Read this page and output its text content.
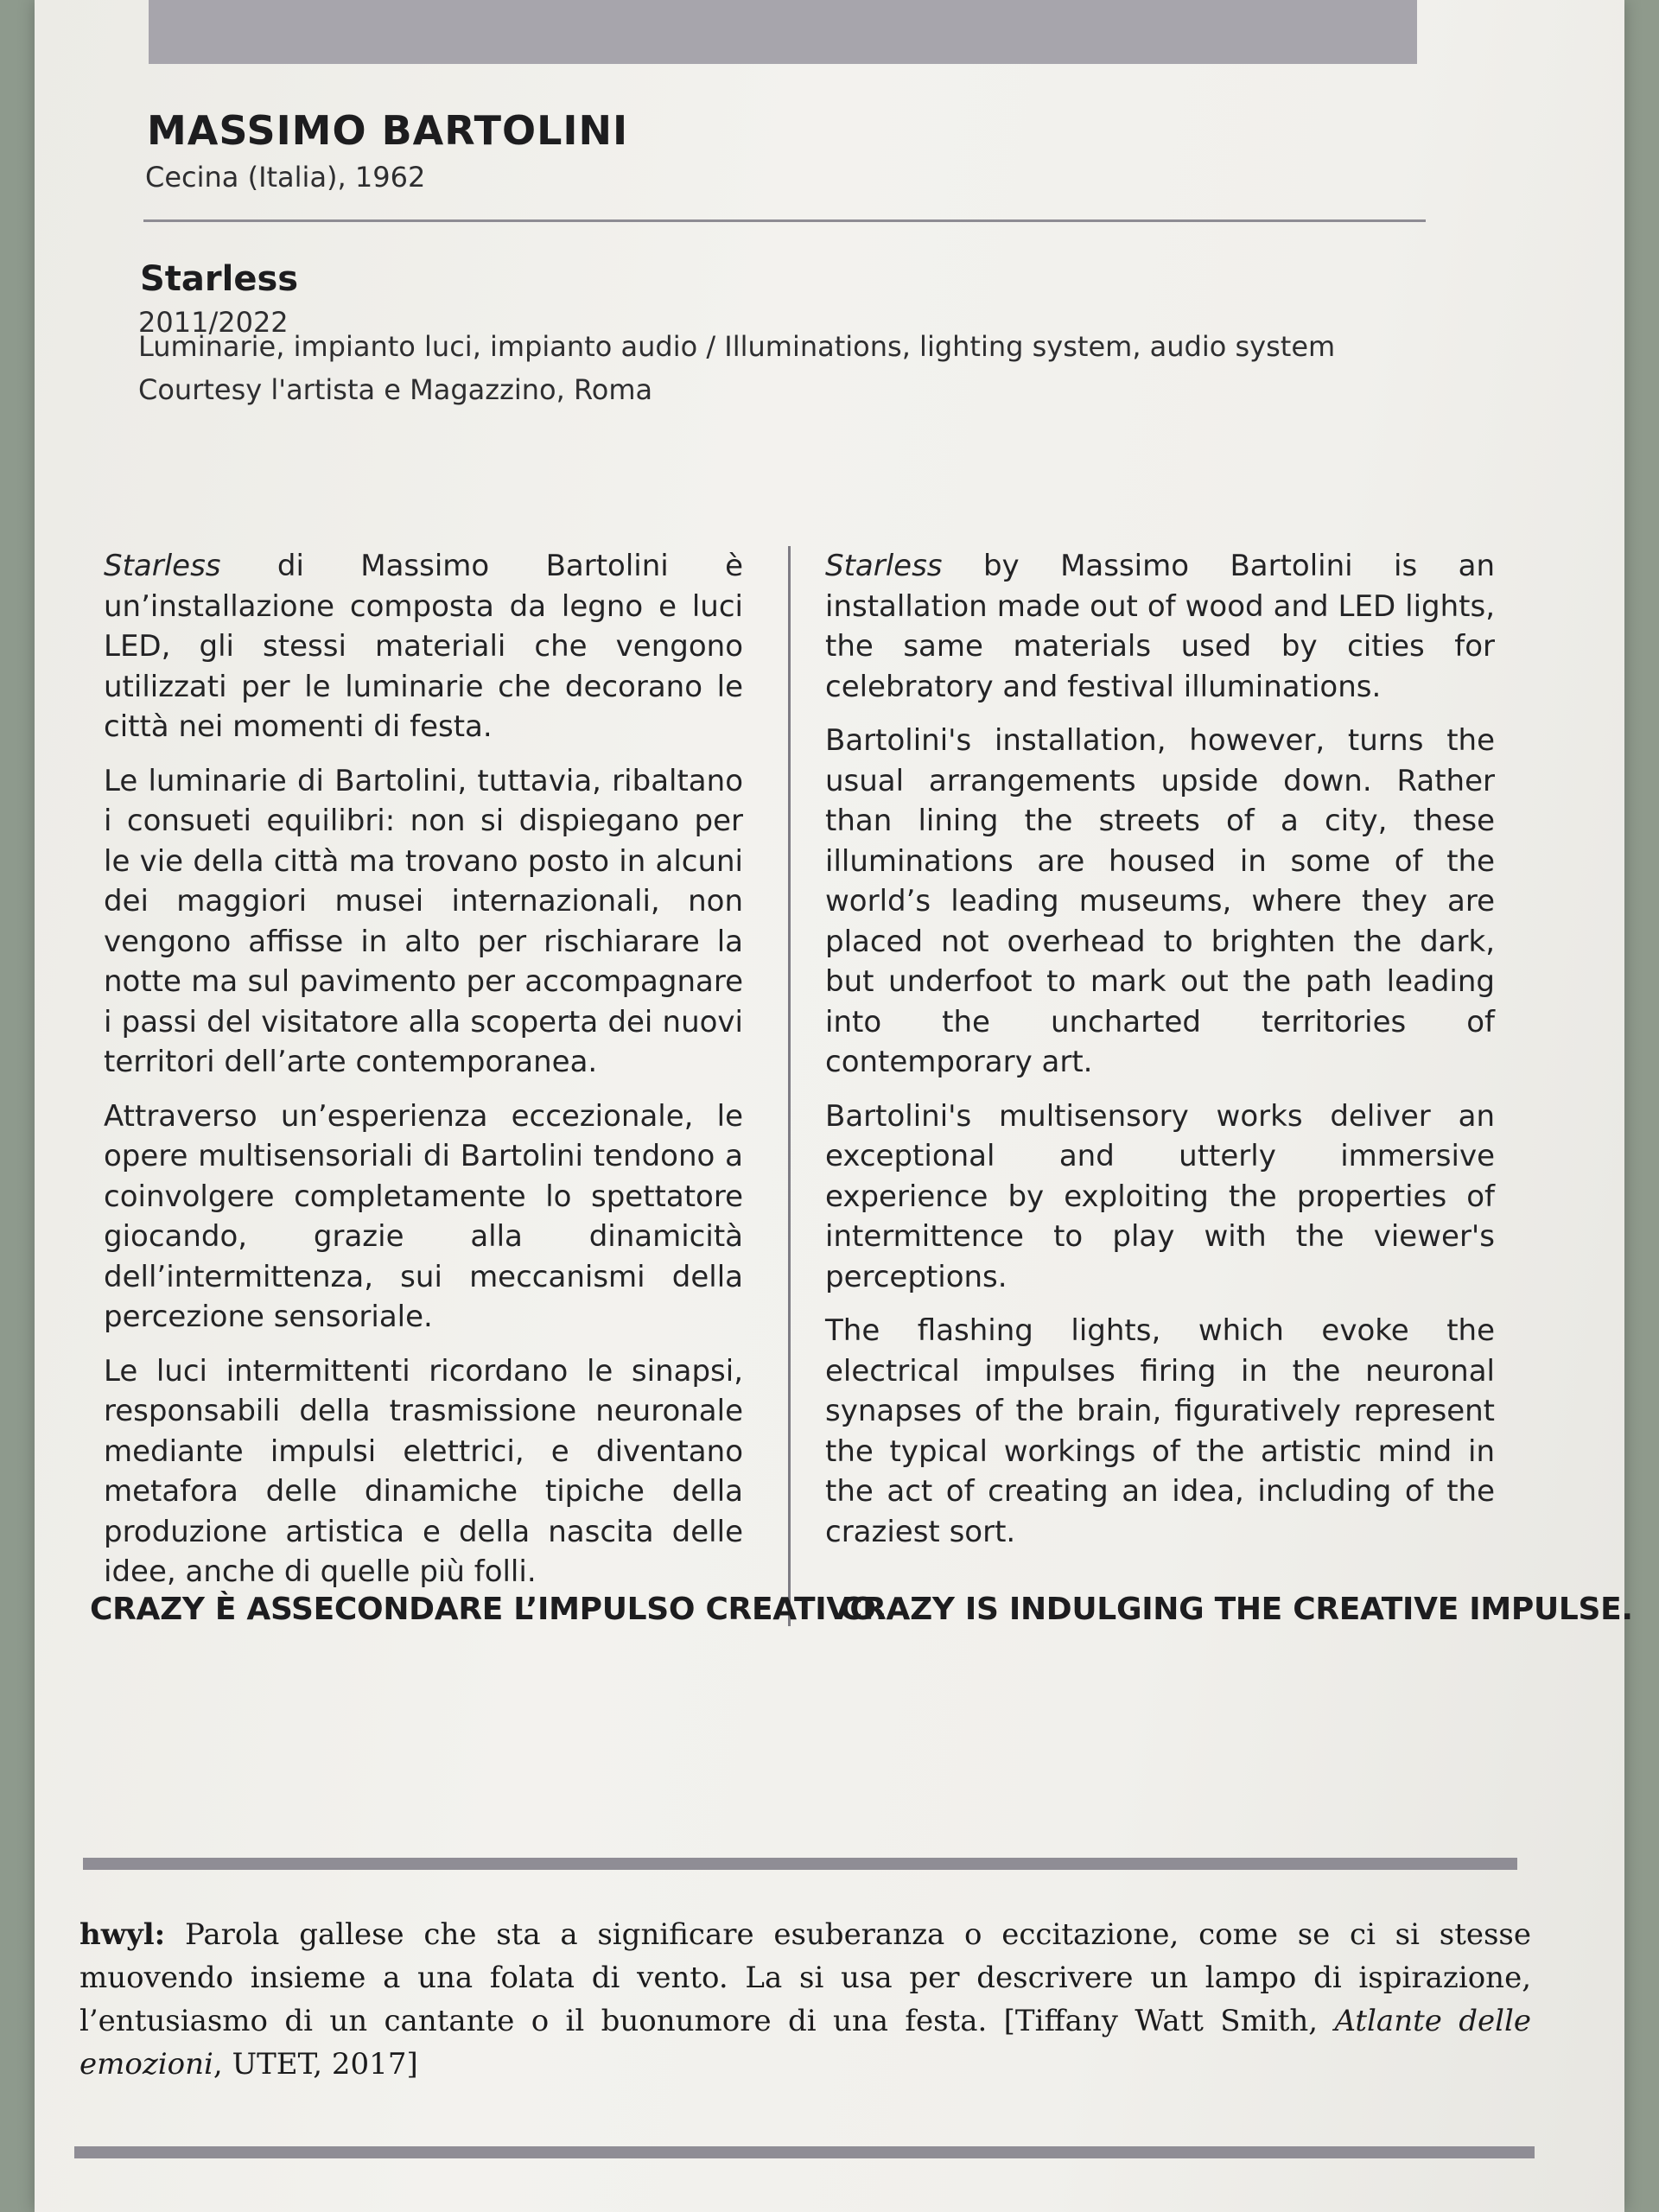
MASSIMO BARTOLINI
Cecina (Italia), 1962
Starless
2011/2022
Luminarie, impianto luci, impianto audio / Illuminations, lighting system, audio system
Courtesy l'artista e Magazzino, Roma

Starless di Massimo Bartolini è un’installazione composta da legno e luci LED, gli stessi materiali che vengono utilizzati per le luminarie che decorano le città nei momenti di festa.

Le luminarie di Bartolini, tuttavia, ribaltano i consueti equilibri: non si dispiegano per le vie della città ma trovano posto in alcuni dei maggiori musei internazionali, non vengono affisse in alto per rischiarare la notte ma sul pavimento per accompagnare i passi del visitatore alla scoperta dei nuovi territori dell’arte contemporanea.

Attraverso un’esperienza eccezionale, le opere multisensoriali di Bartolini tendono a coinvolgere completamente lo spettatore giocando, grazie alla dinamicità dell’intermittenza, sui meccanismi della percezione sensoriale.

Le luci intermittenti ricordano le sinapsi, responsabili della trasmissione neuronale mediante impulsi elettrici, e diventano metafora delle dinamiche tipiche della produzione artistica e della nascita delle idee, anche di quelle più folli.

Starless by Massimo Bartolini is an installation made out of wood and LED lights, the same materials used by cities for celebratory and festival illuminations.

Bartolini's installation, however, turns the usual arrangements upside down. Rather than lining the streets of a city, these illuminations are housed in some of the world’s leading museums, where they are placed not overhead to brighten the dark, but underfoot to mark out the path leading into the uncharted territories of contemporary art.

Bartolini's multisensory works deliver an exceptional and utterly immersive experience by exploiting the properties of intermittence to play with the viewer's perceptions.

The flashing lights, which evoke the electrical impulses firing in the neuronal synapses of the brain, figuratively represent the typical workings of the artistic mind in the act of creating an idea, including of the craziest sort.

CRAZY È ASSECONDARE L’IMPULSO CREATIVO.
CRAZY IS INDULGING THE CREATIVE IMPULSE.
hwyl: Parola gallese che sta a significare esuberanza o eccitazione, come se ci si stesse muovendo insieme a una folata di vento. La si usa per descrivere un lampo di ispirazione, l’entusiasmo di un cantante o il buonumore di una festa. [Tiffany Watt Smith, Atlante delle emozioni, UTET, 2017]
